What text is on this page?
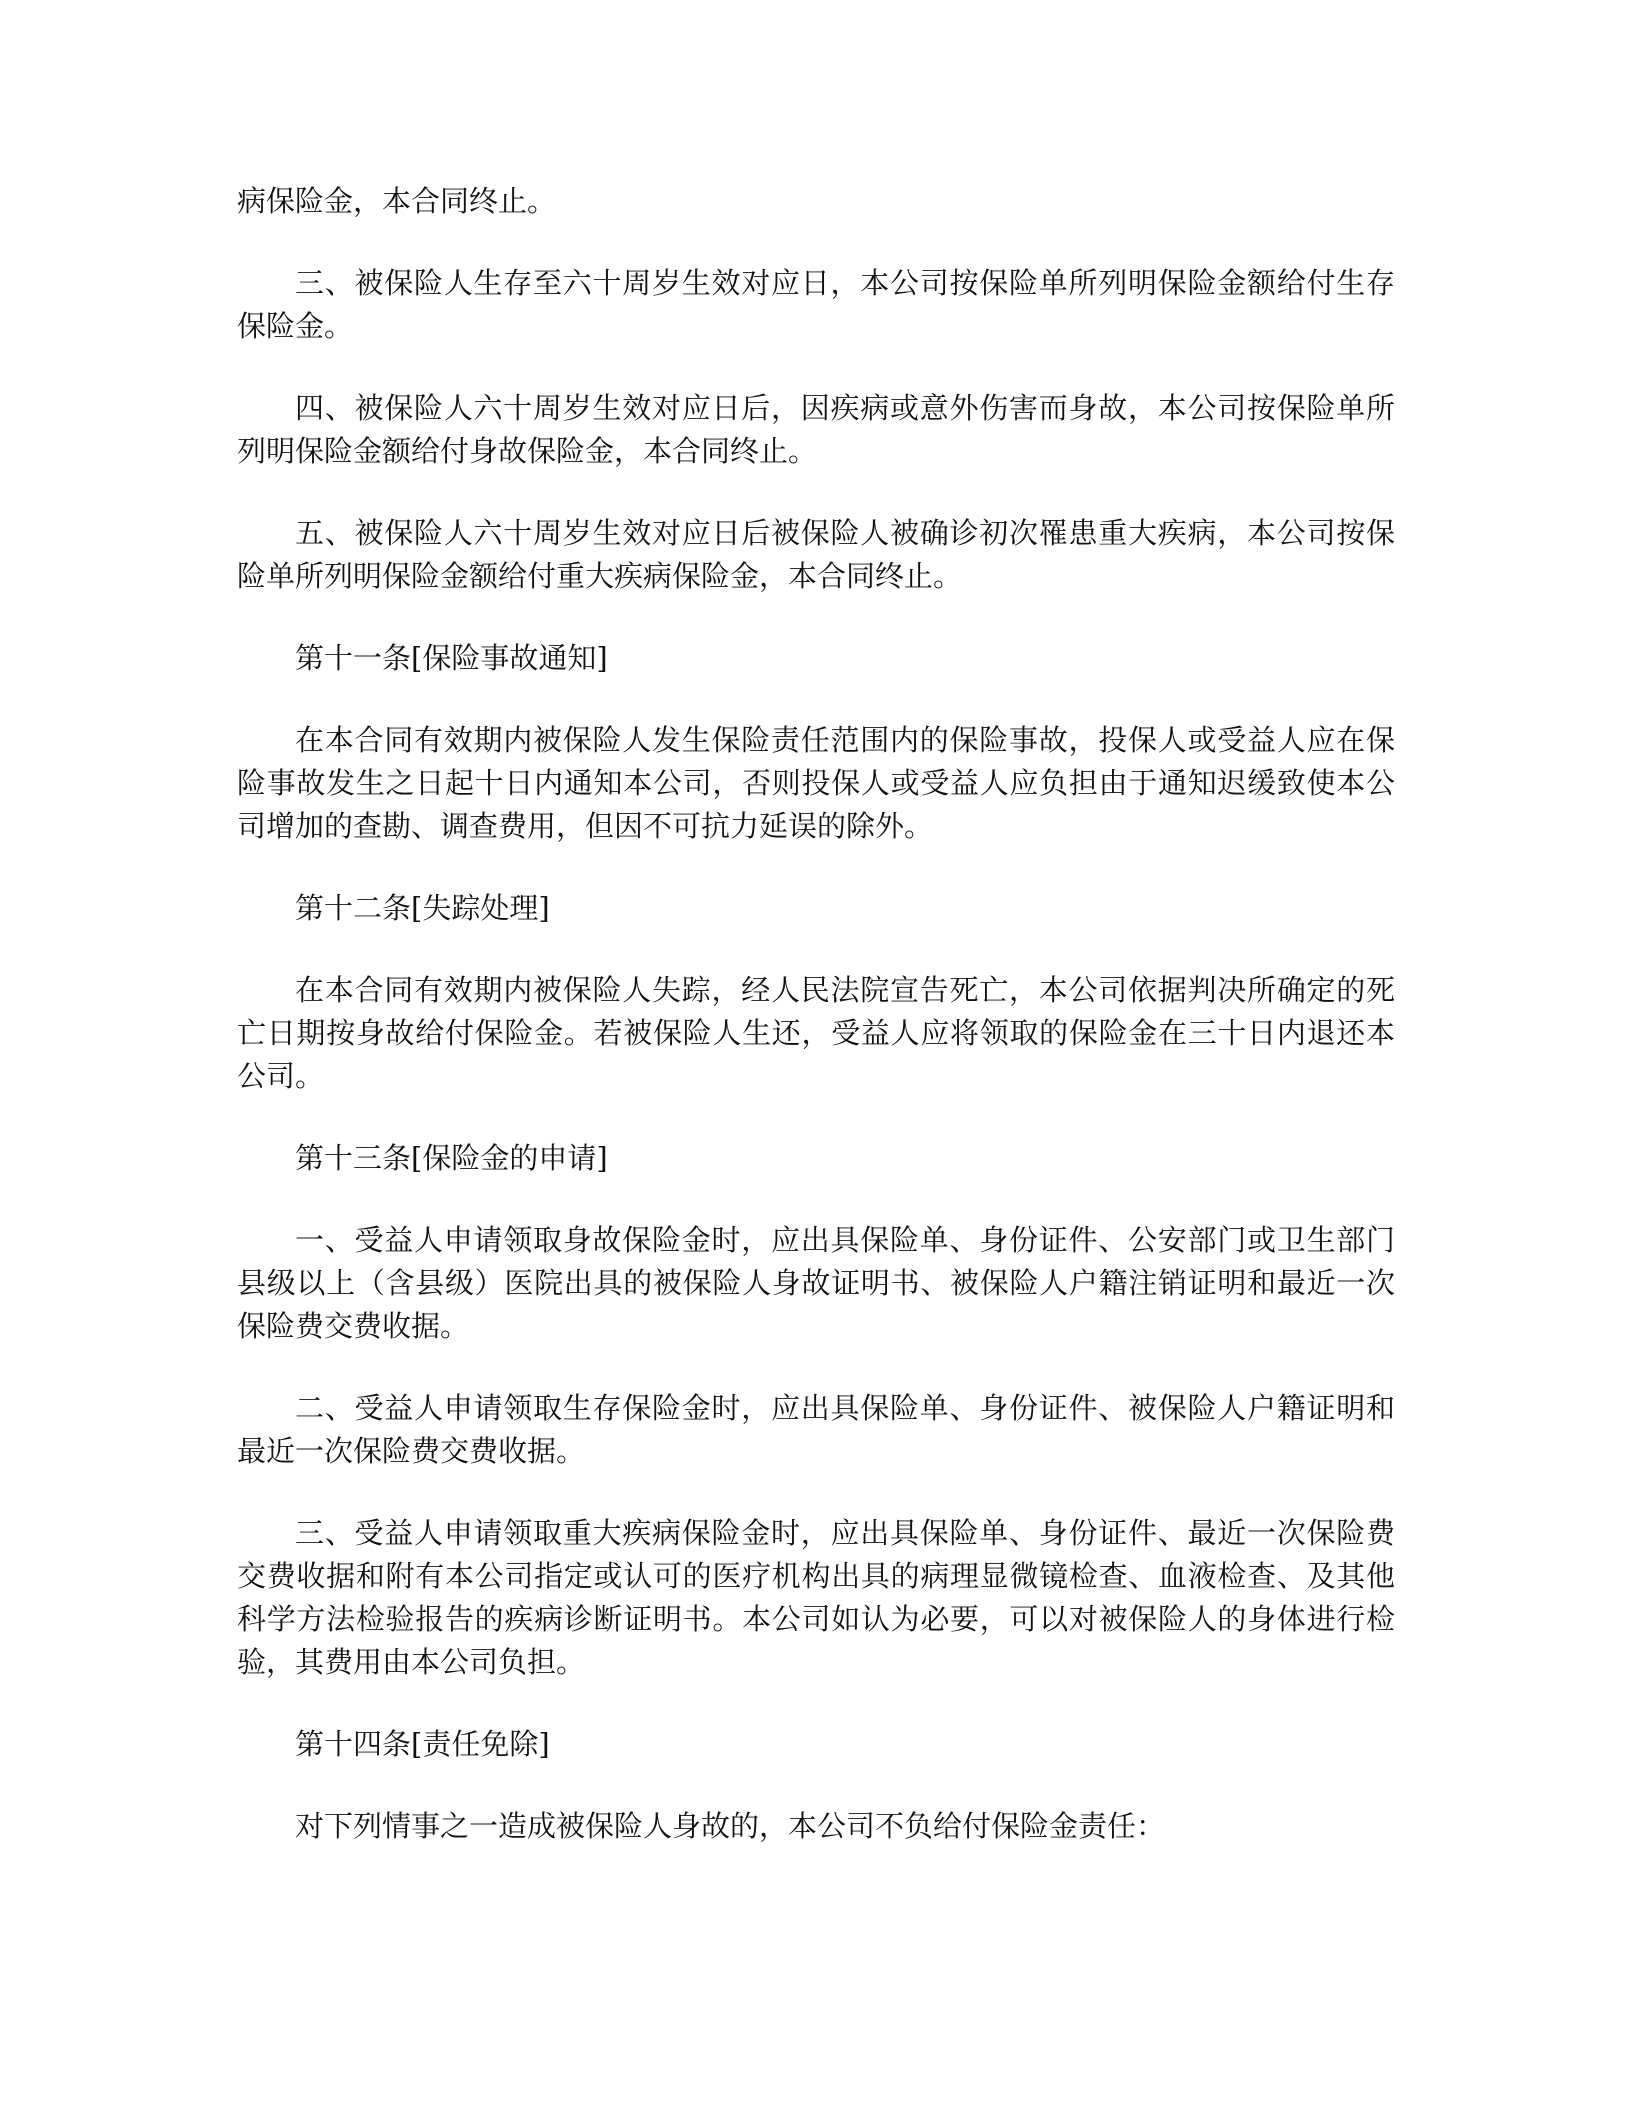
病保险金，本合同终止。

三、被保险人生存至六十周岁生效对应日，本公司按保险单所列明保险金额给付生存保险金。

四、被保险人六十周岁生效对应日后，因疾病或意外伤害而身故，本公司按保险单所列明保险金额给付身故保险金，本合同终止。

五、被保险人六十周岁生效对应日后被保险人被确诊初次罹患重大疾病，本公司按保险单所列明保险金额给付重大疾病保险金，本合同终止。

第十一条[保险事故通知]

在本合同有效期内被保险人发生保险责任范围内的保险事故，投保人或受益人应在保险事故发生之日起十日内通知本公司，否则投保人或受益人应负担由于通知迟缓致使本公司增加的查勘、调查费用，但因不可抗力延误的除外。

第十二条[失踪处理]

在本合同有效期内被保险人失踪，经人民法院宣告死亡，本公司依据判决所确定的死亡日期按身故给付保险金。若被保险人生还，受益人应将领取的保险金在三十日内退还本公司。

第十三条[保险金的申请]

一、受益人申请领取身故保险金时，应出具保险单、身份证件、公安部门或卫生部门县级以上（含县级）医院出具的被保险人身故证明书、被保险人户籍注销证明和最近一次保险费交费收据。

二、受益人申请领取生存保险金时，应出具保险单、身份证件、被保险人户籍证明和最近一次保险费交费收据。

三、受益人申请领取重大疾病保险金时，应出具保险单、身份证件、最近一次保险费交费收据和附有本公司指定或认可的医疗机构出具的病理显微镜检查、血液检查、及其他科学方法检验报告的疾病诊断证明书。本公司如认为必要，可以对被保险人的身体进行检验，其费用由本公司负担。

第十四条[责任免除]

对下列情事之一造成被保险人身故的，本公司不负给付保险金责任：
